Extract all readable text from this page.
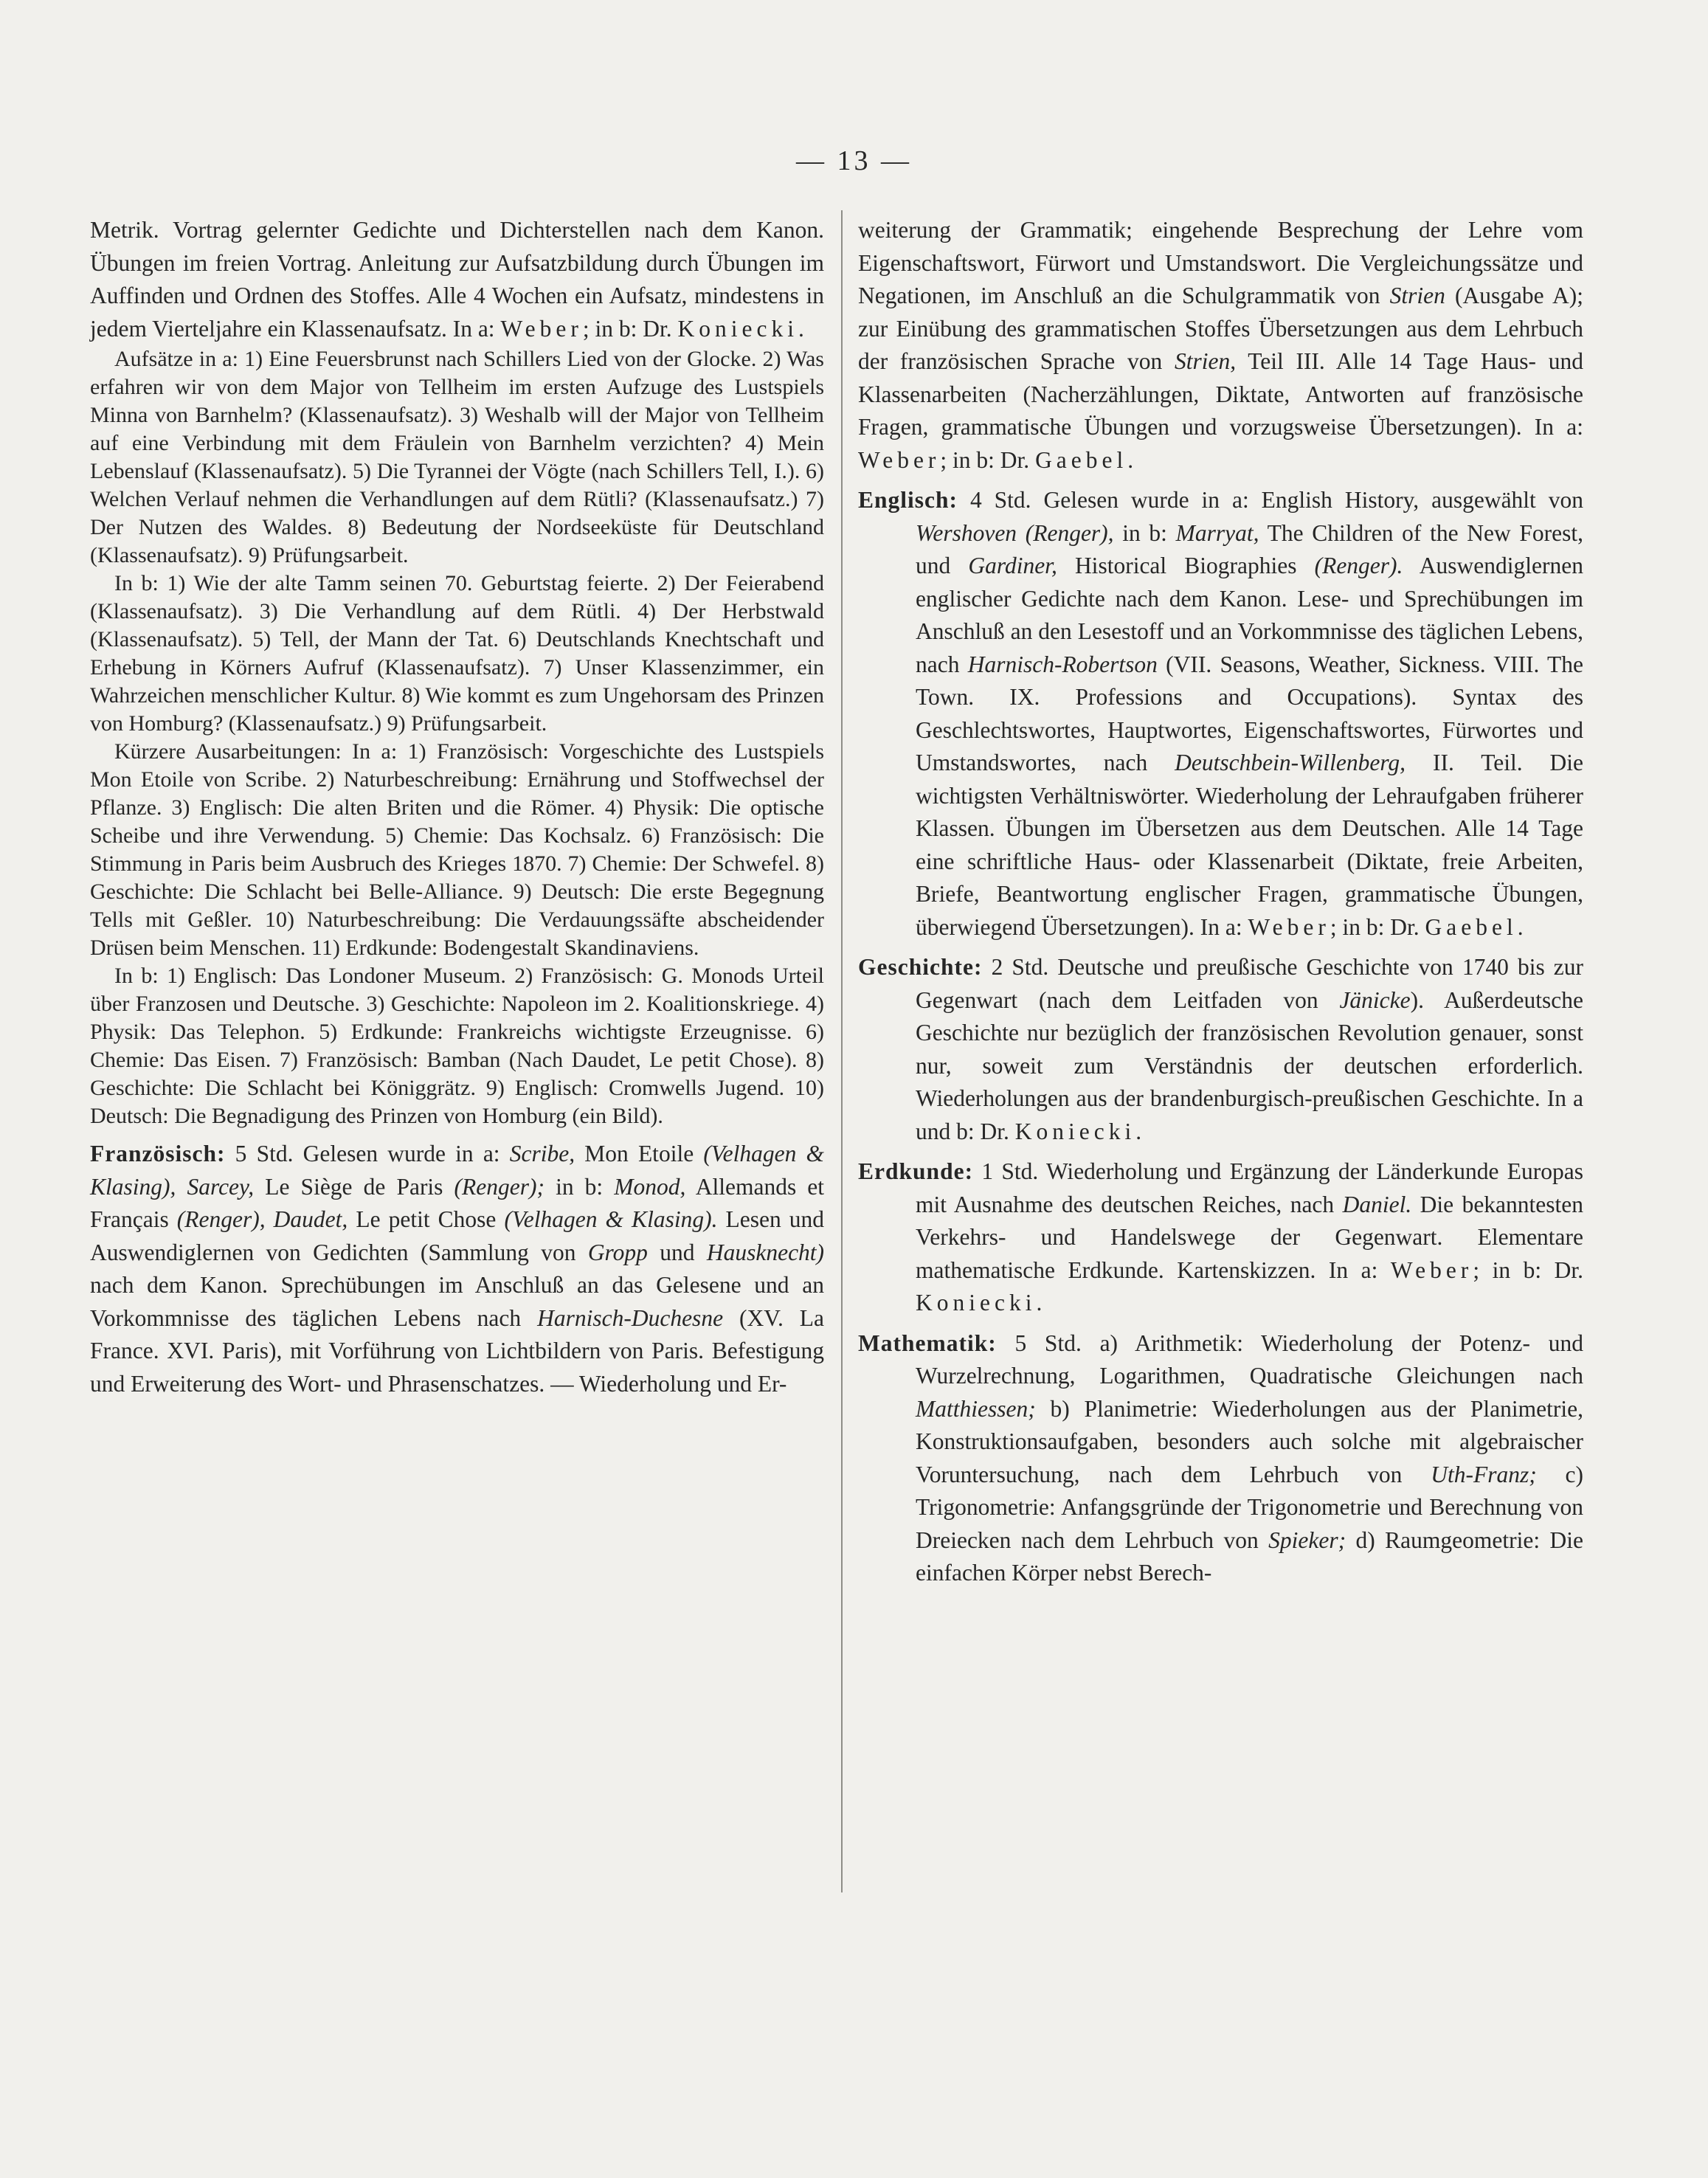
— 13 —

Metrik. Vortrag gelernter Gedichte und Dichterstellen nach dem Kanon. Übungen im freien Vortrag. Anleitung zur Aufsatzbildung durch Übungen im Auffinden und Ordnen des Stoffes. Alle 4 Wochen ein Aufsatz, mindestens in jedem Vierteljahre ein Klassenaufsatz. In a: Weber; in b: Dr. Koniecki.

Aufsätze in a: 1) Eine Feuersbrunst nach Schillers Lied von der Glocke. 2) Was erfahren wir von dem Major von Tellheim im ersten Aufzuge des Lustspiels Minna von Barnhelm? (Klassenaufsatz). 3) Weshalb will der Major von Tellheim auf eine Verbindung mit dem Fräulein von Barnhelm verzichten? 4) Mein Lebenslauf (Klassenaufsatz). 5) Die Tyrannei der Vögte (nach Schillers Tell, I.). 6) Welchen Verlauf nehmen die Verhandlungen auf dem Rütli? (Klassenaufsatz.) 7) Der Nutzen des Waldes. 8) Bedeutung der Nordseeküste für Deutschland (Klassenaufsatz). 9) Prüfungsarbeit.

In b: 1) Wie der alte Tamm seinen 70. Geburtstag feierte. 2) Der Feierabend (Klassenaufsatz). 3) Die Verhandlung auf dem Rütli. 4) Der Herbstwald (Klassenaufsatz). 5) Tell, der Mann der Tat. 6) Deutschlands Knechtschaft und Erhebung in Körners Aufruf (Klassenaufsatz). 7) Unser Klassenzimmer, ein Wahrzeichen menschlicher Kultur. 8) Wie kommt es zum Ungehorsam des Prinzen von Homburg? (Klassenaufsatz.) 9) Prüfungsarbeit.

Kürzere Ausarbeitungen: In a: 1) Französisch: Vorgeschichte des Lustspiels Mon Etoile von Scribe. 2) Naturbeschreibung: Ernährung und Stoffwechsel der Pflanze. 3) Englisch: Die alten Briten und die Römer. 4) Physik: Die optische Scheibe und ihre Verwendung. 5) Chemie: Das Kochsalz. 6) Französisch: Die Stimmung in Paris beim Ausbruch des Krieges 1870. 7) Chemie: Der Schwefel. 8) Geschichte: Die Schlacht bei Belle-Alliance. 9) Deutsch: Die erste Begegnung Tells mit Geßler. 10) Naturbeschreibung: Die Verdauungssäfte abscheidender Drüsen beim Menschen. 11) Erdkunde: Bodengestalt Skandinaviens.

In b: 1) Englisch: Das Londoner Museum. 2) Französisch: G. Monods Urteil über Franzosen und Deutsche. 3) Geschichte: Napoleon im 2. Koalitionskriege. 4) Physik: Das Telephon. 5) Erdkunde: Frankreichs wichtigste Erzeugnisse. 6) Chemie: Das Eisen. 7) Französisch: Bamban (Nach Daudet, Le petit Chose). 8) Geschichte: Die Schlacht bei Königgrätz. 9) Englisch: Cromwells Jugend. 10) Deutsch: Die Begnadigung des Prinzen von Homburg (ein Bild).

Französisch: 5 Std. Gelesen wurde in a: Scribe, Mon Etoile (Velhagen & Klasing), Sarcey, Le Siège de Paris (Renger); in b: Monod, Allemands et Français (Renger), Daudet, Le petit Chose (Velhagen & Klasing). Lesen und Auswendiglernen von Gedichten (Sammlung von Gropp und Hausknecht) nach dem Kanon. Sprechübungen im Anschluß an das Gelesene und an Vorkommnisse des täglichen Lebens nach Harnisch-Duchesne (XV. La France. XVI. Paris), mit Vorführung von Lichtbildern von Paris. Befestigung und Erweiterung des Wort- und Phrasenschatzes. — Wiederholung und Er-

weiterung der Grammatik; eingehende Besprechung der Lehre vom Eigenschaftswort, Fürwort und Umstandswort. Die Vergleichungssätze und Negationen, im Anschluß an die Schulgrammatik von Strien (Ausgabe A); zur Einübung des grammatischen Stoffes Übersetzungen aus dem Lehrbuch der französischen Sprache von Strien, Teil III. Alle 14 Tage Haus- und Klassenarbeiten (Nacherzählungen, Diktate, Antworten auf französische Fragen, grammatische Übungen und vorzugsweise Übersetzungen). In a: Weber; in b: Dr. Gaebel.

Englisch: 4 Std. Gelesen wurde in a: English History, ausgewählt von Wershoven (Renger), in b: Marryat, The Children of the New Forest, und Gardiner, Historical Biographies (Renger). Auswendiglernen englischer Gedichte nach dem Kanon. Lese- und Sprechübungen im Anschluß an den Lesestoff und an Vorkommnisse des täglichen Lebens, nach Harnisch-Robertson (VII. Seasons, Weather, Sickness. VIII. The Town. IX. Professions and Occupations). Syntax des Geschlechtswortes, Hauptwortes, Eigenschaftswortes, Fürwortes und Umstandswortes, nach Deutschbein-Willenberg, II. Teil. Die wichtigsten Verhältniswörter. Wiederholung der Lehraufgaben früherer Klassen. Übungen im Übersetzen aus dem Deutschen. Alle 14 Tage eine schriftliche Haus- oder Klassenarbeit (Diktate, freie Arbeiten, Briefe, Beantwortung englischer Fragen, grammatische Übungen, überwiegend Übersetzungen). In a: Weber; in b: Dr. Gaebel.

Geschichte: 2 Std. Deutsche und preußische Geschichte von 1740 bis zur Gegenwart (nach dem Leitfaden von Jänicke). Außerdeutsche Geschichte nur bezüglich der französischen Revolution genauer, sonst nur, soweit zum Verständnis der deutschen erforderlich. Wiederholungen aus der brandenburgisch-preußischen Geschichte. In a und b: Dr. Koniecki.

Erdkunde: 1 Std. Wiederholung und Ergänzung der Länderkunde Europas mit Ausnahme des deutschen Reiches, nach Daniel. Die bekanntesten Verkehrs- und Handelswege der Gegenwart. Elementare mathematische Erdkunde. Kartenskizzen. In a: Weber; in b: Dr. Koniecki.

Mathematik: 5 Std. a) Arithmetik: Wiederholung der Potenz- und Wurzelrechnung, Logarithmen, Quadratische Gleichungen nach Matthiessen; b) Planimetrie: Wiederholungen aus der Planimetrie, Konstruktionsaufgaben, besonders auch solche mit algebraischer Voruntersuchung, nach dem Lehrbuch von Uth-Franz; c) Trigonometrie: Anfangsgründe der Trigonometrie und Berechnung von Dreiecken nach dem Lehrbuch von Spieker; d) Raumgeometrie: Die einfachen Körper nebst Berech-
